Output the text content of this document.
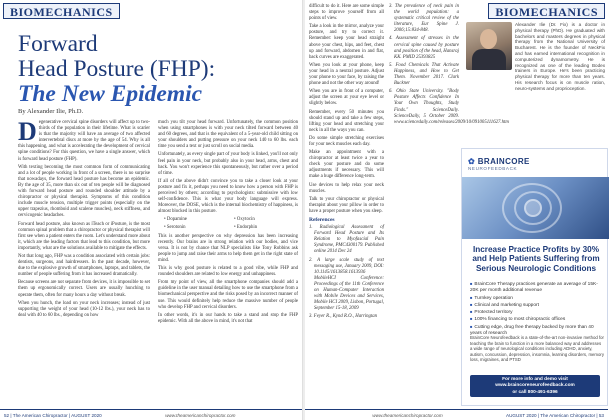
BIOMECHANICS
Forward
Head Posture (FHP):
The New Epidemic
By Alexander Ilie, Ph.D.

Degenerative cervical spine disorders will affect up to two-thirds of the population in their lifetime. What is scarier is that the majority will have an average of two affected intervertebral discs at more by the age of 54. Why is all this happening, and what is accelerating the development of cervical spine conditions? For this question, we have a single answer, which is forward head posture (FHP).

With texting becoming the most common form of communicating and a lot of people working in front of a screen, there is no surprise that nowadays, the forward head posture has become an epidemic. By the age of 35, more than six out of ten people will be diagnosed with forward head posture and rounded shoulder attitude by a chiropractor or physical therapist. Symptoms of this condition include muscle tension, multiple trigger points (especially on the upper trapezius, rhomboid and scalene muscles), neck stiffness, and cervicogenic headaches.

Forward head posture, also known as iTeach or iPosture, is the most common spinal problem that a chiropractor or physical therapist will first see when a patient enters the room. Let's understand more about it, which are the leading factors that lead to this condition, but more importantly, what are the solutions available to mitigate the effects.

Not that long ago, FHP was a condition associated with certain jobs: dentists, surgeons, and hairdressers. In the past decade, however, due to the explosive growth of smartphones, laptops, and tablets, the number of people suffering from it has increased dramatically.

Because screens are not separate from devices, it is impossible to set them up ergonomically correct. Users are usually hunching to operate them, often for many hours a day without break.

When you hunch, the load on your neck increases; instead of just supporting the weight of your head (10-12 lbs.), your neck has to deal with 40 to 60 lbs., depending on how

much you tilt your head forward. Unfortunately, the common position when using smartphones is with your neck tilted forward between 40 and 60 degrees, and that is the equivalent of a 5-year-old child sitting on your shoulders and putting pressure on your neck 140 to 60 lbs. each time you send a text or just scroll on social media.

Unfortunately, as every single part of your body is linked, you'll not only feel pain in your neck, but probably also in your head, arms, chest and back. You won't experience this spontaneously, but rather over a period of time.

If all of the above didn't convince you to take a closer look at your posture and fix it, perhaps you need to know how a person with FHP is perceived by others; according to psychologists: submissive with low self-confidence. This is what your body language will express. Moreover, the DOSE, which is the internal biochemistry of happiness, is almost blocked in this posture.

• Dopamine	• Oxytocin
• Serotonin	• Endorphin

This is another perspective on why depression has been increasing recently. Our brains are in strong relation with our bodies, and vice versa. It is not by chance that NLP specialists like Tony Robbins ask people to jump and raise their arms to help them get in the right state of mind.

This is why good posture is related to a good vibe, while FHP and rounded shoulders are related to low energy and unhappiness.

From my point of view, all the smartphone companies should add a guideline in the user manual detailing how to use the smartphone from a biomechanical perspective and the risks posed by an incorrect manner of use. This would definitely help reduce the massive number of people who develop FHP and cervical disorders.

In other words, it's in our hands to take a stand and stop the FHP epidemic. With all the above in mind, it's not that

52 | The American Chiropractor | AUGUST 2020	www.theamericanchiropractor.com

difficult to do it. Here are some simple steps to improve yourself from all points of view.

Take a look in the mirror, analyze your posture, and try to correct it. Remember: keep your head straight above your chest, hips, and feet, chest up and forward, abdomen in and flat, back curves are exaggerated.

When you look at your phone, keep your head in a neutral posture. Adjust your phone to your face, by raising the phone and not the other way around!

When you are in front of a computer, adjust the screen at your eye level or slightly below.

Remember, every 50 minutes you should stand up and take a few steps, lifting your head and stretching your neck in all the ways you can.

Do some simple stretching exercises for your neck muscles each day.

Make an appointment with a chiropractor at least twice a year to check your posture and do some adjustments if necessary. This will make a huge difference long-term.

Use devices to help relax your neck muscles.

Talk to your chiropractor or physical therapist about your pillow in order to have a proper posture when you sleep.

References
1. Radiological Assessment of Forward Head Posture and Its Relation to Myofascial Pain Syndrome, PMC4300179. Published online 2014 Dec 24
2. A large scale study of text messaging use, January 2009, DOI: 10.1145/1613858.1613936 MobileHCI Conference: Proceedings of the 11th Conference on Human-Computer Interaction with Mobile Devices and Services, Mobile HCI 2009, Lisbon, Portugal, September 15-18, 2009
3. Feyer R., Kynd R.O., Harringtan
3. The prevalence of neck pain in the world population: a systematic critical review of the literature, Eur Spine J. 2006;15:834-848.
4. Assessment of stresses in the cervical spine caused by posture and position of the head, Hansraj KK. PMID 25393825
5. Food Chemicals That Activate Happiness, and How to Get Them. November 2017. Clark Buckner
6. Ohio State University. "Body Posture Affects Confidence In Your Own Thoughts, Study Finds." ScienceDaily. ScienceDaily, 5 October 2009. www.sciencedaily.com/releases/2009/10/091005111627.htm
BIOMECHANICS
Alexander Ilie (Dr. Fix) is a doctor in physical therapy (PhD). He graduated with bachelors and masters degrees in physical therapy from the National University of Bucharest. He is the founder of NeckFix and has earned international recognition in computerized dynamometry. He is recognized as one of the leading Bodex trainers in Europe. He's been practicing physical therapy for more than ten years. His research focus is on muscle ration, neuro-systems and proprioception.
✿ BRAINCORE
NEUROFEEDBACK
Increase Practice Profits by 30% and Help Patients Suffering from Serious Neurologic Conditions
■ BrainCore Therapy practices generate an average of 15K-20K per month additional revenue
■ Turnkey operation
■ Clinical and marketing support
■ Protected territory
■ 100% financing to most chiropractic offices
■ Cutting edge, drug free therapy backed by more than 40 years of research
BrainCore Neurofeedback is a state-of-the-art non-invasive method for teaching the brain to function in a more balanced way and addresses a wide range of neurological conditions including ADHD, anxiety, autism, concussion, depression, insomnia, learning disorders, memory loss, migraines, and PTSD
For more info and demo visit
www.braincoreneurofeedback.com
or call 800-491-6396
www.theamericanchiropractor.com	AUGUST 2020 | The American Chiropractor | 53
